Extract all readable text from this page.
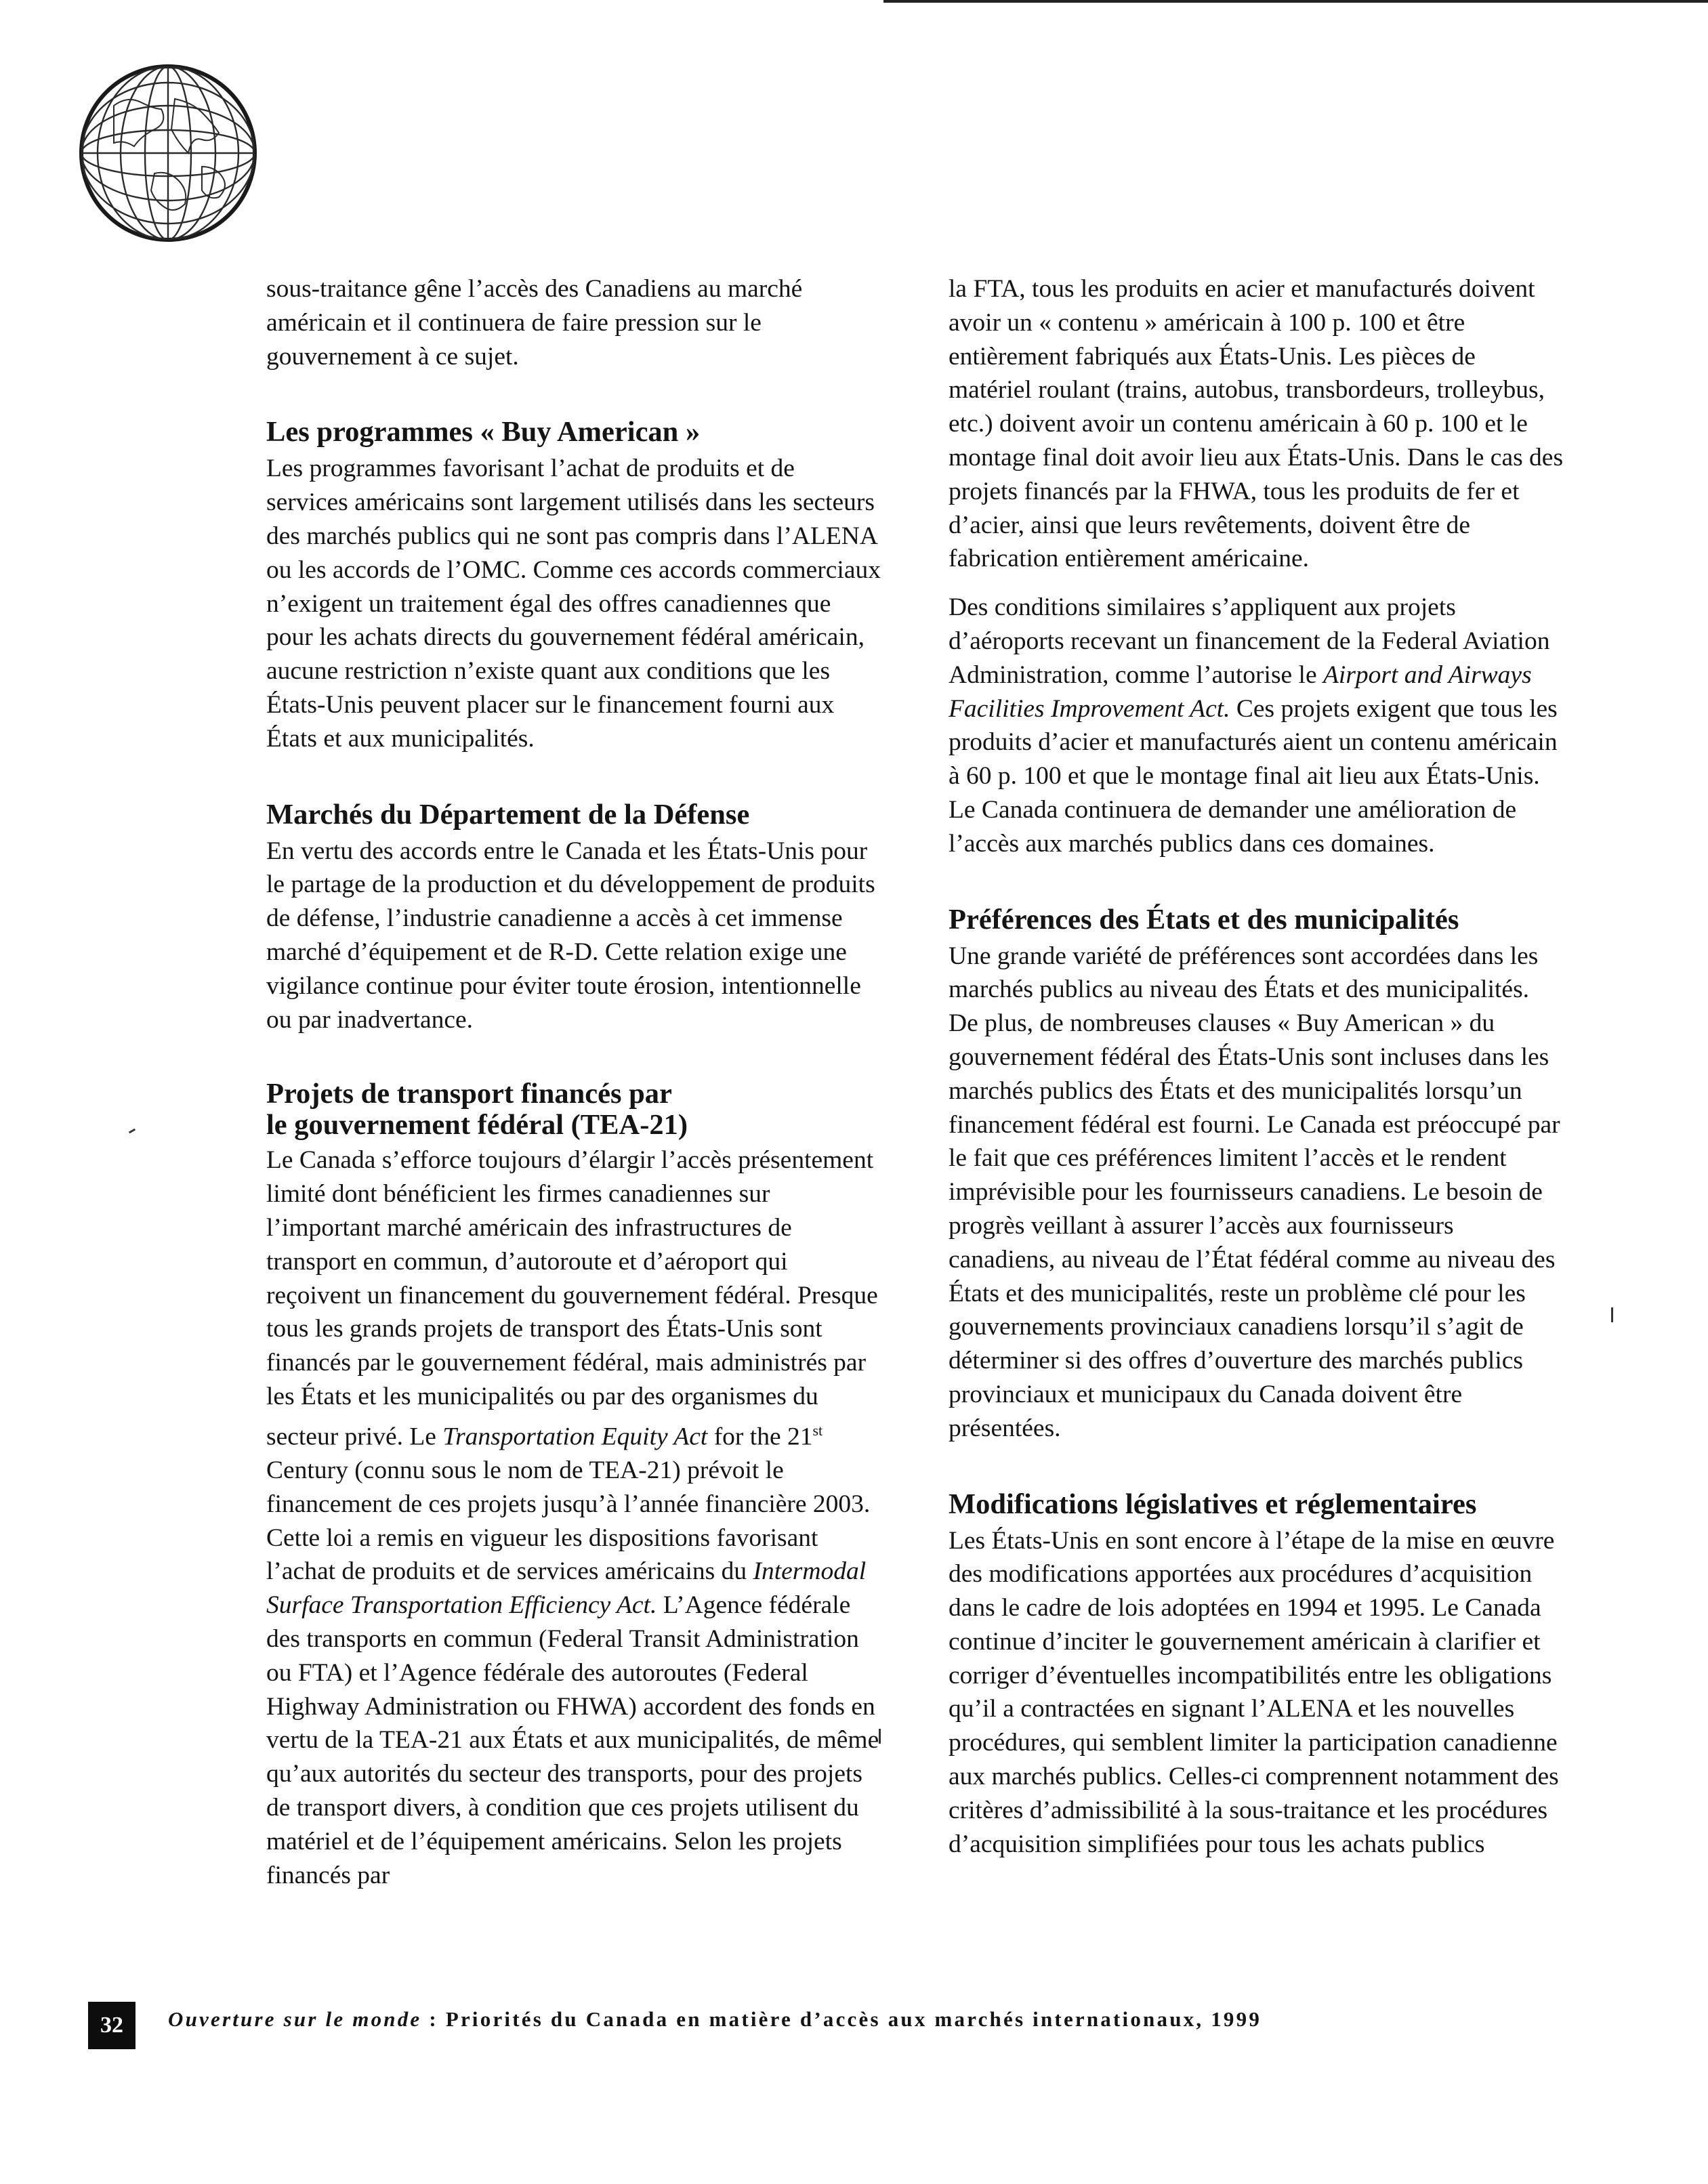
sous-traitance gêne l’accès des Canadiens au marché américain et il continuera de faire pression sur le gouvernement à ce sujet.

Les programmes « Buy American »

Les programmes favorisant l’achat de produits et de services américains sont largement utilisés dans les secteurs des marchés publics qui ne sont pas compris dans l’ALENA ou les accords de l’OMC. Comme ces accords commerciaux n’exigent un traitement égal des offres canadiennes que pour les achats directs du gouvernement fédéral américain, aucune restriction n’existe quant aux conditions que les États-Unis peuvent placer sur le financement fourni aux États et aux municipalités.

Marchés du Département de la Défense

En vertu des accords entre le Canada et les États-Unis pour le partage de la production et du développement de produits de défense, l’industrie canadienne a accès à cet immense marché d’équipement et de R-D. Cette relation exige une vigilance continue pour éviter toute érosion, intentionnelle ou par inadvertance.

Projets de transport financés par
le gouvernement fédéral (TEA-21)

Le Canada s’efforce toujours d’élargir l’accès présentement limité dont bénéficient les firmes canadiennes sur l’important marché américain des infrastructures de transport en commun, d’autoroute et d’aéroport qui reçoivent un financement du gouvernement fédéral. Presque tous les grands projets de transport des États-Unis sont financés par le gouvernement fédéral, mais administrés par les États et les municipalités ou par des organismes du secteur privé. Le Transportation Equity Act for the 21st Century (connu sous le nom de TEA-21) prévoit le financement de ces projets jusqu’à l’année financière 2003. Cette loi a remis en vigueur les dispositions favorisant l’achat de produits et de services américains du Intermodal Surface Transportation Efficiency Act. L’Agence fédérale des transports en commun (Federal Transit Administration ou FTA) et l’Agence fédérale des autoroutes (Federal Highway Administration ou FHWA) accordent des fonds en vertu de la TEA-21 aux États et aux municipalités, de même qu’aux autorités du secteur des transports, pour des projets de transport divers, à condition que ces projets utilisent du matériel et de l’équipement américains. Selon les projets financés par

la FTA, tous les produits en acier et manufacturés doivent avoir un « contenu » américain à 100 p. 100 et être entièrement fabriqués aux États-Unis. Les pièces de matériel roulant (trains, autobus, transbordeurs, trolleybus, etc.) doivent avoir un contenu américain à 60 p. 100 et le montage final doit avoir lieu aux États-Unis. Dans le cas des projets financés par la FHWA, tous les produits de fer et d’acier, ainsi que leurs revêtements, doivent être de fabrication entièrement américaine.

Des conditions similaires s’appliquent aux projets d’aéroports recevant un financement de la Federal Aviation Administration, comme l’autorise le Airport and Airways Facilities Improvement Act. Ces projets exigent que tous les produits d’acier et manufacturés aient un contenu américain à 60 p. 100 et que le montage final ait lieu aux États-Unis. Le Canada continuera de demander une amélioration de l’accès aux marchés publics dans ces domaines.

Préférences des États et des municipalités

Une grande variété de préférences sont accordées dans les marchés publics au niveau des États et des municipalités. De plus, de nombreuses clauses « Buy American » du gouvernement fédéral des États-Unis sont incluses dans les marchés publics des États et des municipalités lorsqu’un financement fédéral est fourni. Le Canada est préoccupé par le fait que ces préférences limitent l’accès et le rendent imprévisible pour les fournisseurs canadiens. Le besoin de progrès veillant à assurer l’accès aux fournisseurs canadiens, au niveau de l’État fédéral comme au niveau des États et des municipalités, reste un problème clé pour les gouvernements provinciaux canadiens lorsqu’il s’agit de déterminer si des offres d’ouverture des marchés publics provinciaux et municipaux du Canada doivent être présentées.

Modifications législatives et réglementaires

Les États-Unis en sont encore à l’étape de la mise en œuvre des modifications apportées aux procédures d’acquisition dans le cadre de lois adoptées en 1994 et 1995. Le Canada continue d’inciter le gouvernement américain à clarifier et corriger d’éventuelles incompatibilités entre les obligations qu’il a contractées en signant l’ALENA et les nouvelles procédures, qui semblent limiter la participation canadienne aux marchés publics. Celles-ci comprennent notamment des critères d’admissibilité à la sous-traitance et les procédures d’acquisition simplifiées pour tous les achats publics

32	Ouverture sur le monde : Priorités du Canada en matière d’accès aux marchés internationaux, 1999
